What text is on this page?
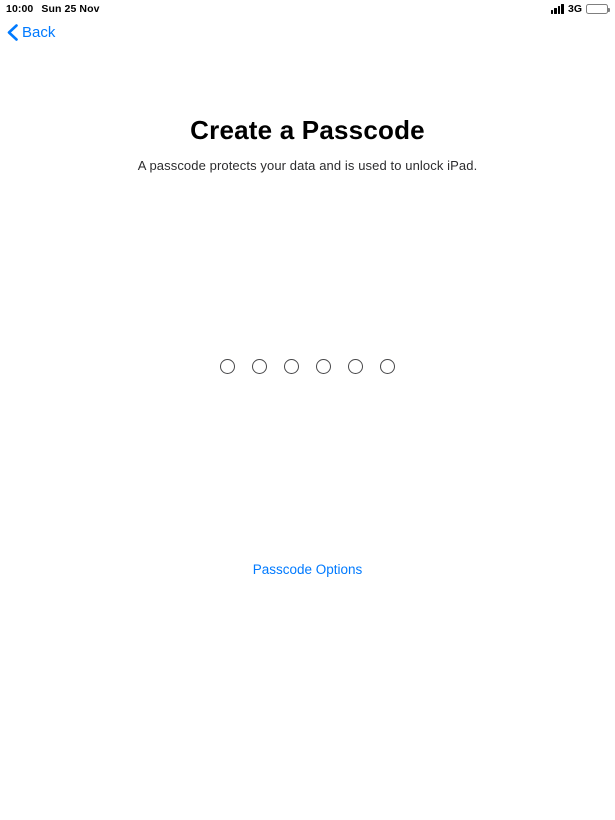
10:00 Sun 25 Nov	3G
Back
Create a Passcode
A passcode protects your data and is used to unlock iPad.
Passcode Options
